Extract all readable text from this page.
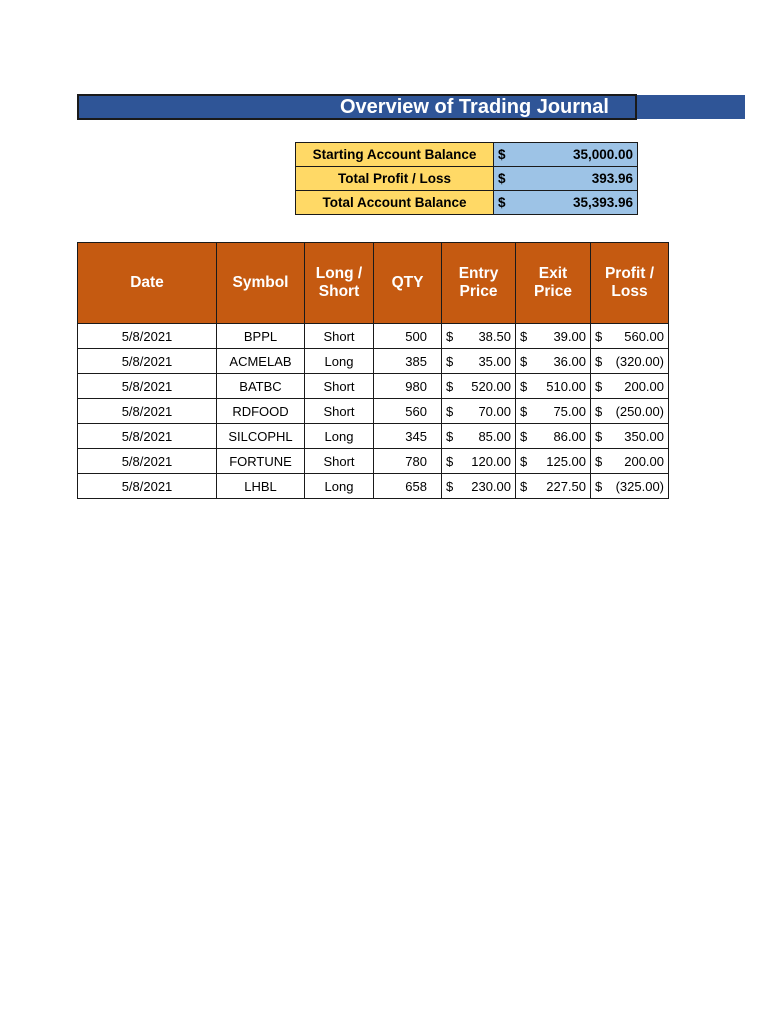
Overview of Trading Journal
Starting Account Balance	$ 35,000.00

Total Profit / Loss	$ 393.96

Total Account Balance	$ 35,393.96
Date	Symbol	Long / Short	QTY	Entry Price	Exit Price	Profit / Loss
5/8/2021	BPPL	Short	500	$ 38.50	$ 39.00	$ 560.00

5/8/2021	ACMELAB	Long	385	$ 35.00	$ 36.00	$ (320.00)

5/8/2021	BATBC	Short	980	$ 520.00	$ 510.00	$ 200.00

5/8/2021	RDFOOD	Short	560	$ 70.00	$ 75.00	$ (250.00)

5/8/2021	SILCOPHL	Long	345	$ 85.00	$ 86.00	$ 350.00

5/8/2021	FORTUNE	Short	780	$ 120.00	$ 125.00	$ 200.00

5/8/2021	LHBL	Long	658	$ 230.00	$ 227.50	$ (325.00)
